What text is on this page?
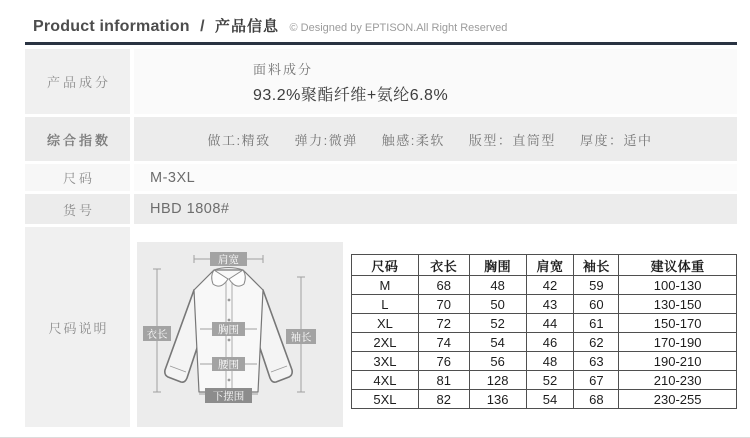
Product information / 产品信息 © Designed by EPTISON.All Right Reserved
产品成分
面料成分
93.2%聚酯纤维+氨纶6.8%
综合指数	做工:精致 弹力:微弹 触感:柔软 版型：直筒型 厚度：适中
尺码	M-3XL
货号	HBD 1808#
尺码说明
肩宽
衣长	袖长
胸围
腰围
下摆围
尺码	衣长	胸围	肩宽	袖长	建议体重
M	68	48	42	59	100-130
L	70	50	43	60	130-150
XL	72	52	44	61	150-170
2XL	74	54	46	62	170-190
3XL	76	56	48	63	190-210
4XL	81	128	52	67	210-230
5XL	82	136	54	68	230-255
